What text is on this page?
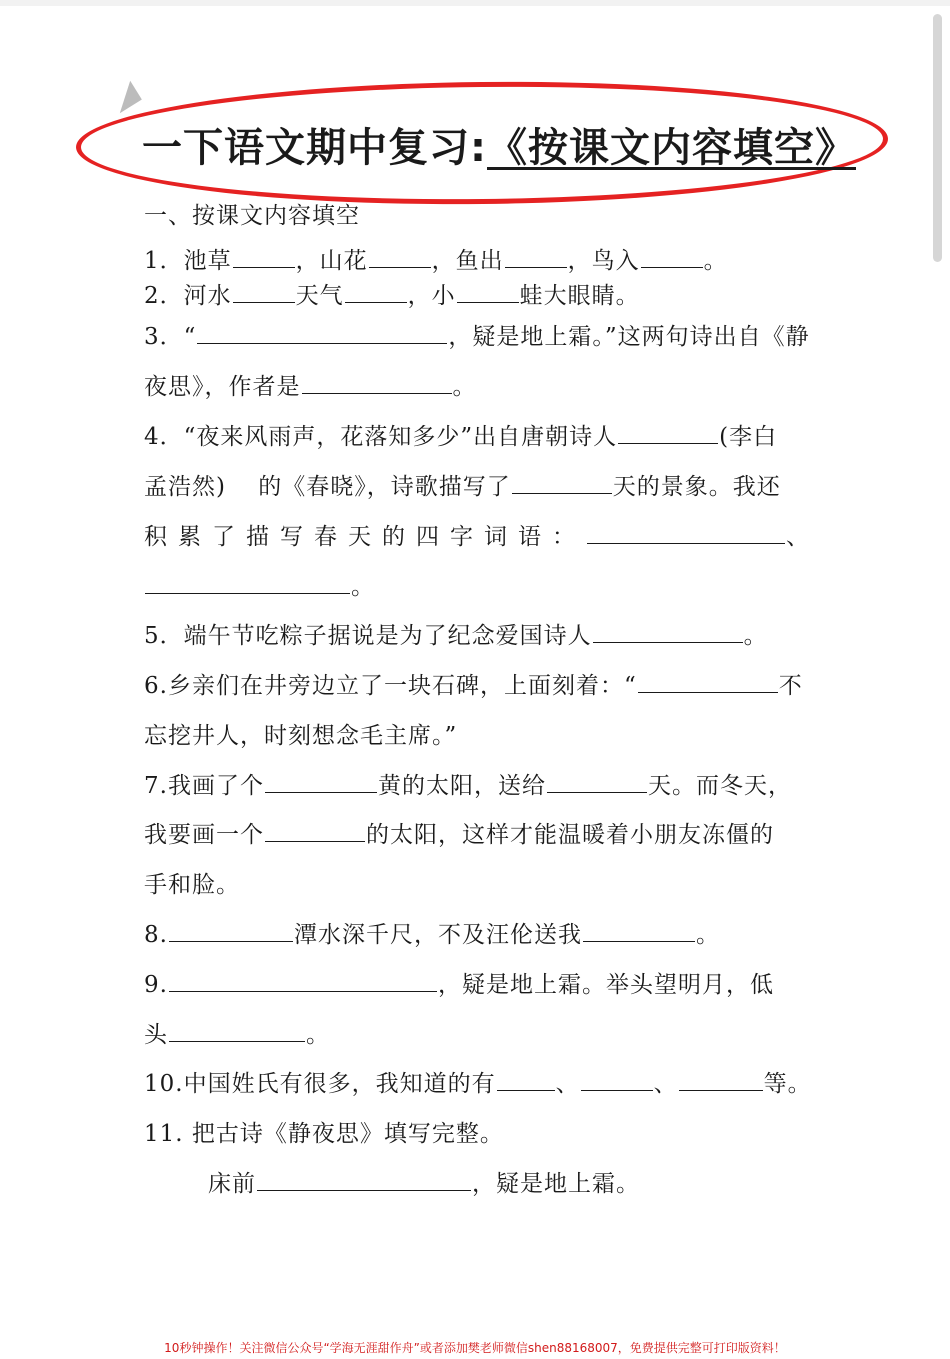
一下语文期中复习:《按课文内容填空》
一、按课文内容填空
1．池草	，山花	，鱼出	，鸟入	。
2．河水	天气	，小	蛙大眼睛。
3．“	，疑是地上霜。”这两句诗出自《静
夜思》，作者是	。
4．“夜来风雨声，花落知多少”出自唐朝诗人	(李白
孟浩然)　 的《春晓》，诗歌描写了	天的景象。我还
积累了描写春天的四字词语：	、
。
5．端午节吃粽子据说是为了纪念爱国诗人	。
6.乡亲们在井旁边立了一块石碑，上面刻着：“	不
忘挖井人，时刻想念毛主席。”
7.我画了个	黄的太阳，送给	天。而冬天，
我要画一个	的太阳，这样才能温暖着小朋友冻僵的
手和脸。
8.	潭水深千尺，不及汪伦送我	。
9.	，疑是地上霜。举头望明月，低
头	。
10.中国姓氏有很多，我知道的有	、	、	等。
11. 把古诗《静夜思》填写完整。
床前	，疑是地上霜。
10秒钟操作！关注微信公众号“学海无涯甜作舟”或者添加樊老师微信shen88168007，免费提供完整可打印版资料！
